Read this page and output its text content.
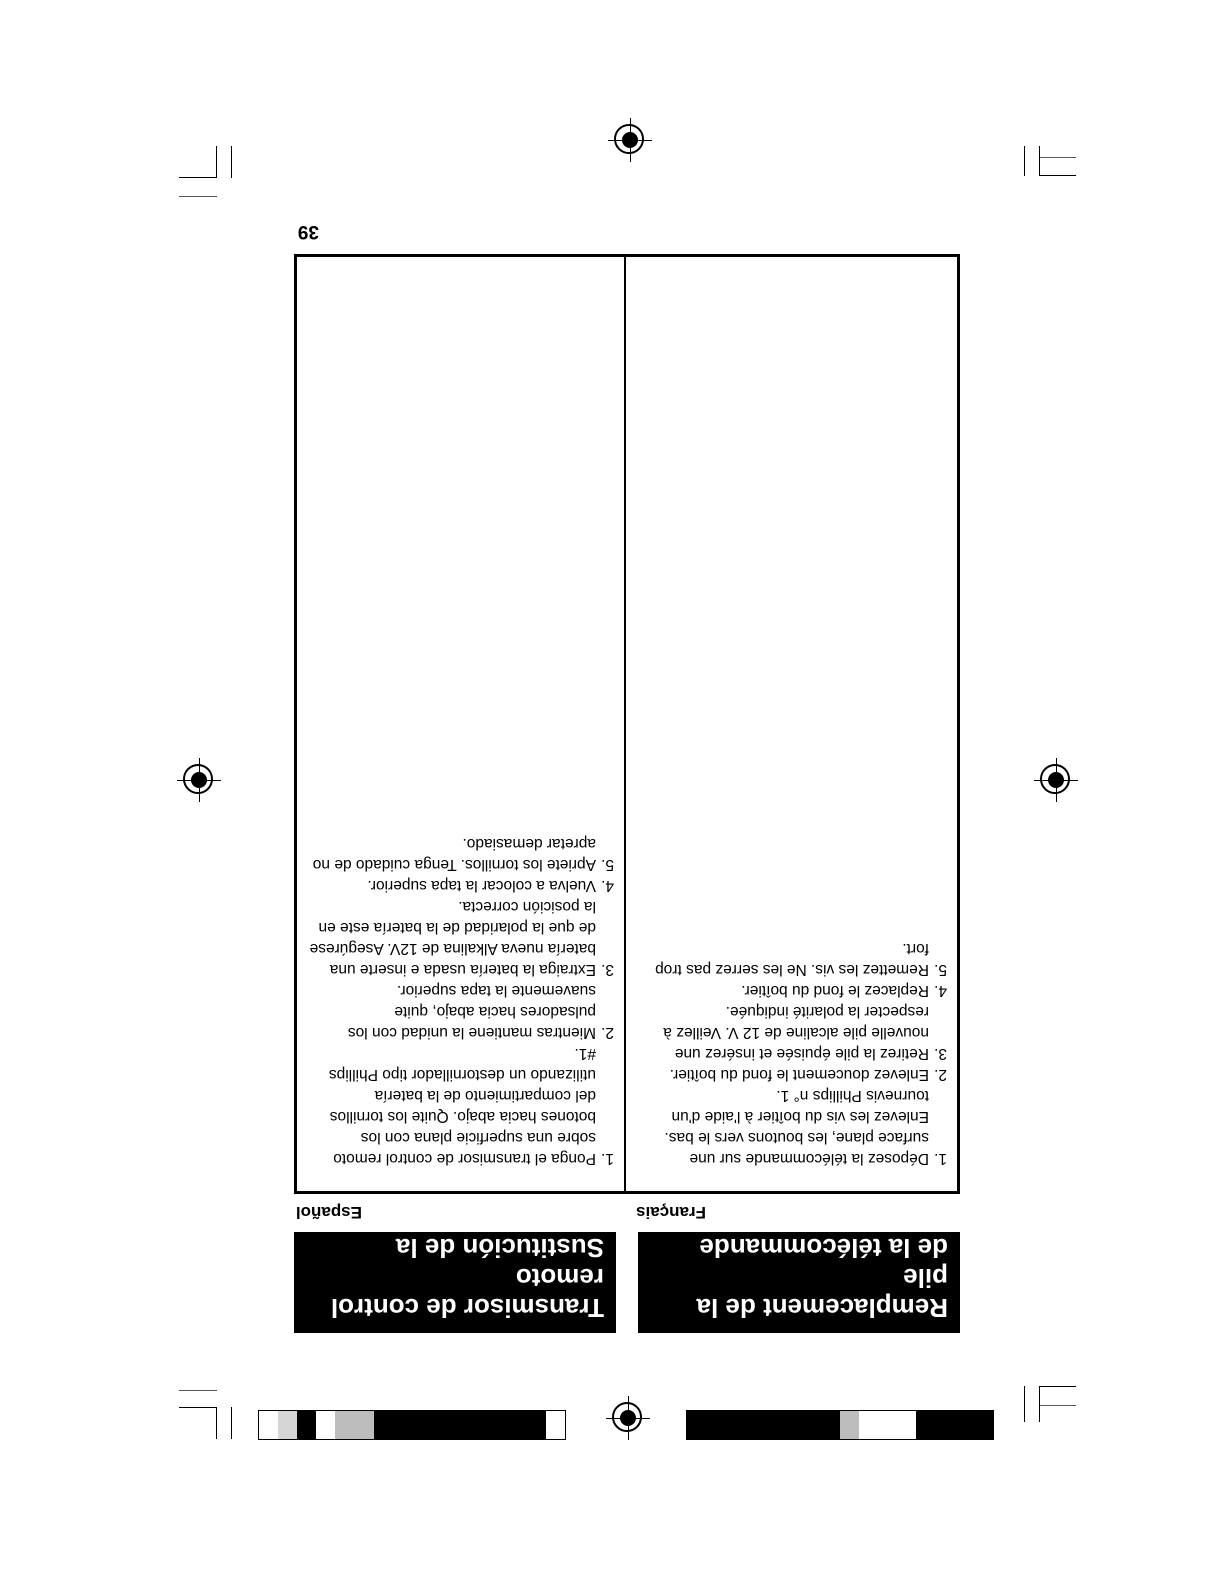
Remplacement de la pile
de la télécommande
Transmisor de control remoto
Sustitución de la Batería Français
Español
1.
Déposez la télécommande sur une surface plane, les boutons vers le bas. Enlevez les vis du boîtier à l'aide d'un tournevis Phillips n° 1.
2.
Enlevez doucement le fond du boîtier.
3.
Retirez la pile épuisée et insérez une nouvelle pile alcaline de 12 V. Veillez à respecter la polarité indiquée.
4.
Replacez le fond du boîtier.
5.
Remettez les vis. Ne les serrez pas trop fort.
1.
Ponga el transmisor de control remoto sobre una superficie plana con los botones hacia abajo. Quite los tornillos del compartimiento de la batería utilizando un destornillador tipo Phillips #1.
2.
Mientras mantiene la unidad con los pulsadores hacia abajo, quite suavemente la tapa superior.
3.
Extraiga la batería usada e inserte una batería nueva Alkalina de 12V. Asegúrese de que la polaridad de la batería este en la posición correcta.
4.
Vuelva a colocar la tapa superior.
5.
Apriete los tornillos. Tenga cuidado de no apretar demasiado.
39
